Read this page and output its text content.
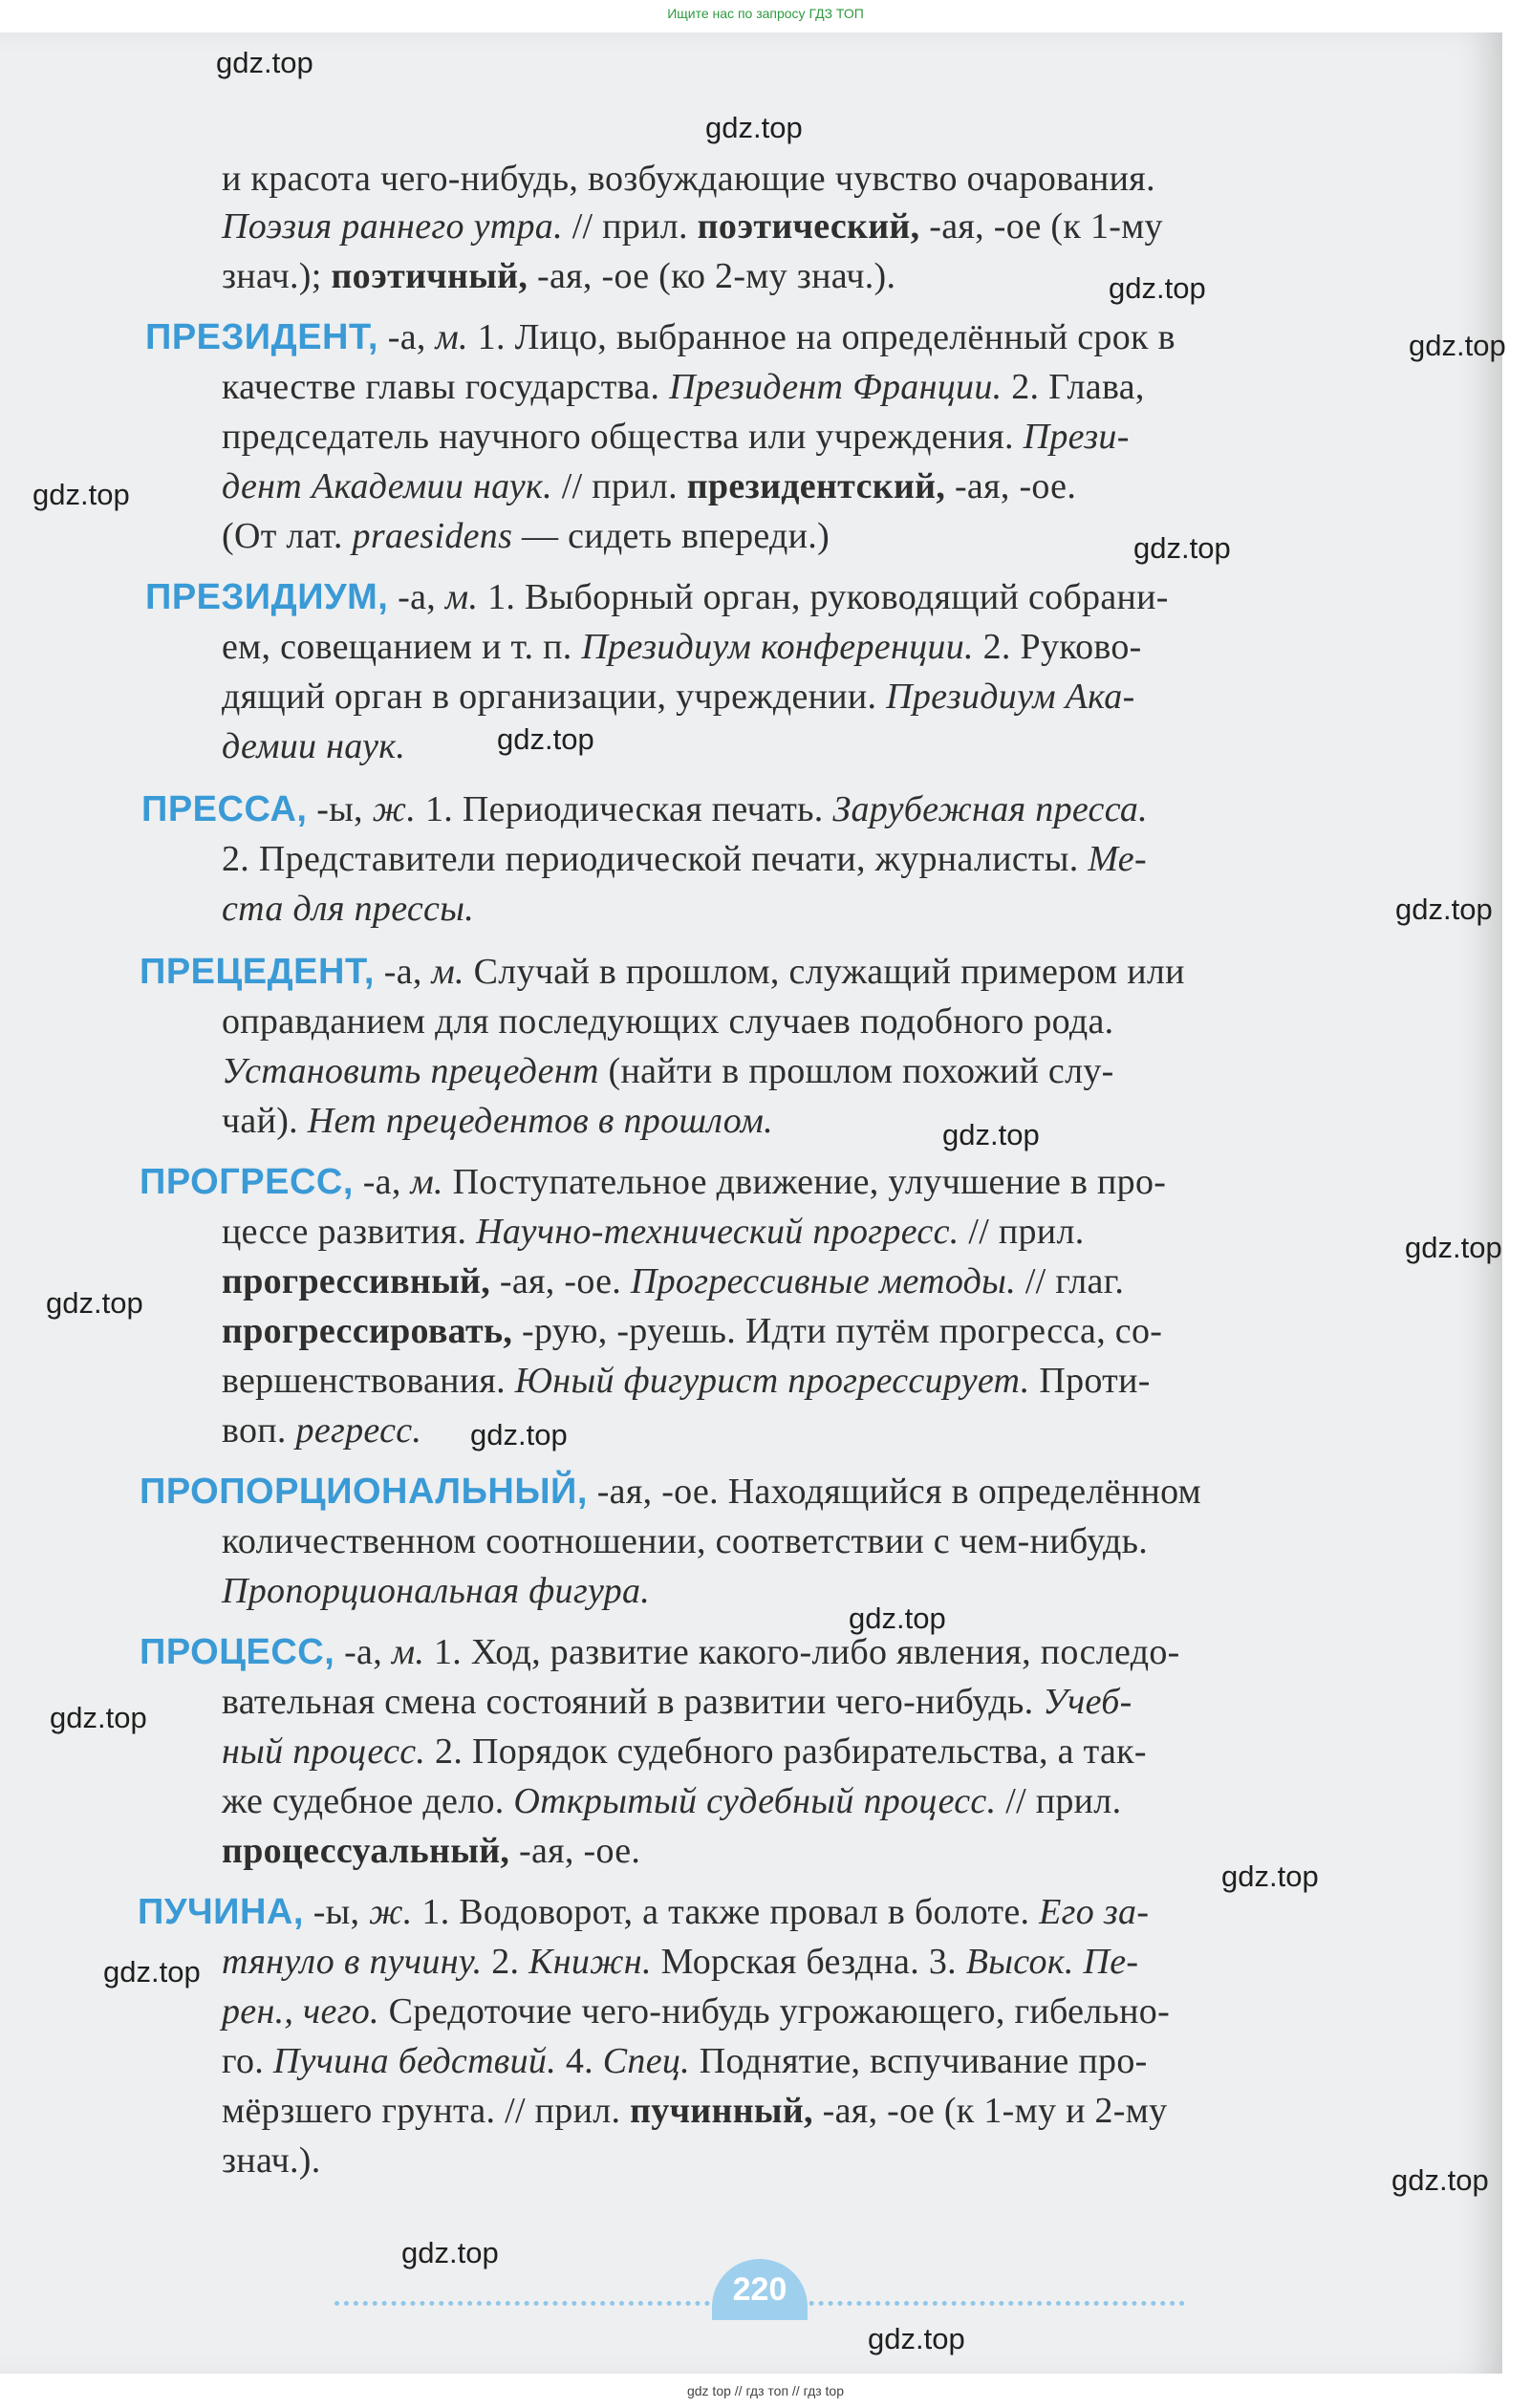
Ищите нас по запросу ГДЗ ТОП
и красота чего-нибудь, возбуждающие чувство очарования.
Поэзия раннего утра. // прил. поэтический, -ая, -ое (к 1-му
знач.); поэтичный, -ая, -ое (ко 2-му знач.).
ПРЕЗИДЕНТ, -а, м. 1. Лицо, выбранное на определённый срок в
качестве главы государства. Президент Франции. 2. Глава,
председатель научного общества или учреждения. Прези-
дент Академии наук. // прил. президентский, -ая, -ое.
(От лат. praesidens — сидеть впереди.)
ПРЕЗИДИУМ, -а, м. 1. Выборный орган, руководящий собрани-
ем, совещанием и т. п. Президиум конференции. 2. Руково-
дящий орган в организации, учреждении. Президиум Ака-
демии наук.
ПРЕССА, -ы, ж. 1. Периодическая печать. Зарубежная пресса.
2. Представители периодической печати, журналисты. Ме-
ста для прессы.
ПРЕЦЕДЕНТ, -а, м. Случай в прошлом, служащий примером или
оправданием для последующих случаев подобного рода.
Установить прецедент (найти в прошлом похожий слу-
чай). Нет прецедентов в прошлом.
ПРОГРЕСС, -а, м. Поступательное движение, улучшение в про-
цессе развития. Научно-технический прогресс. // прил.
прогрессивный, -ая, -ое. Прогрессивные методы. // глаг.
прогрессировать, -рую, -руешь. Идти путём прогресса, со-
вершенствования. Юный фигурист прогрессирует. Проти-
воп. регресс.
ПРОПОРЦИОНАЛЬНЫЙ, -ая, -ое. Находящийся в определённом
количественном соотношении, соответствии с чем-нибудь.
Пропорциональная фигура.
ПРОЦЕСС, -а, м. 1. Ход, развитие какого-либо явления, последо-
вательная смена состояний в развитии чего-нибудь. Учеб-
ный процесс. 2. Порядок судебного разбирательства, а так-
же судебное дело. Открытый судебный процесс. // прил.
процессуальный, -ая, -ое.
ПУЧИНА, -ы, ж. 1. Водоворот, а также провал в болоте. Его за-
тянуло в пучину. 2. Книжн. Морская бездна. 3. Высок. Пе-
рен., чего. Средоточие чего-нибудь угрожающего, гибельно-
го. Пучина бедствий. 4. Спец. Поднятие, вспучивание про-
мёрзшего грунта. // прил. пучинный, -ая, -ое (к 1-му и 2-му
знач.).
220
gdz.top
gdz.top
gdz.top
gdz.top
gdz.top
gdz.top
gdz.top
gdz.top
gdz.top
gdz.top
gdz.top
gdz.top
gdz.top
gdz.top
gdz.top
gdz.top
gdz.top
gdz.top
gdz.top
gdz top // гдз топ // гдз top
